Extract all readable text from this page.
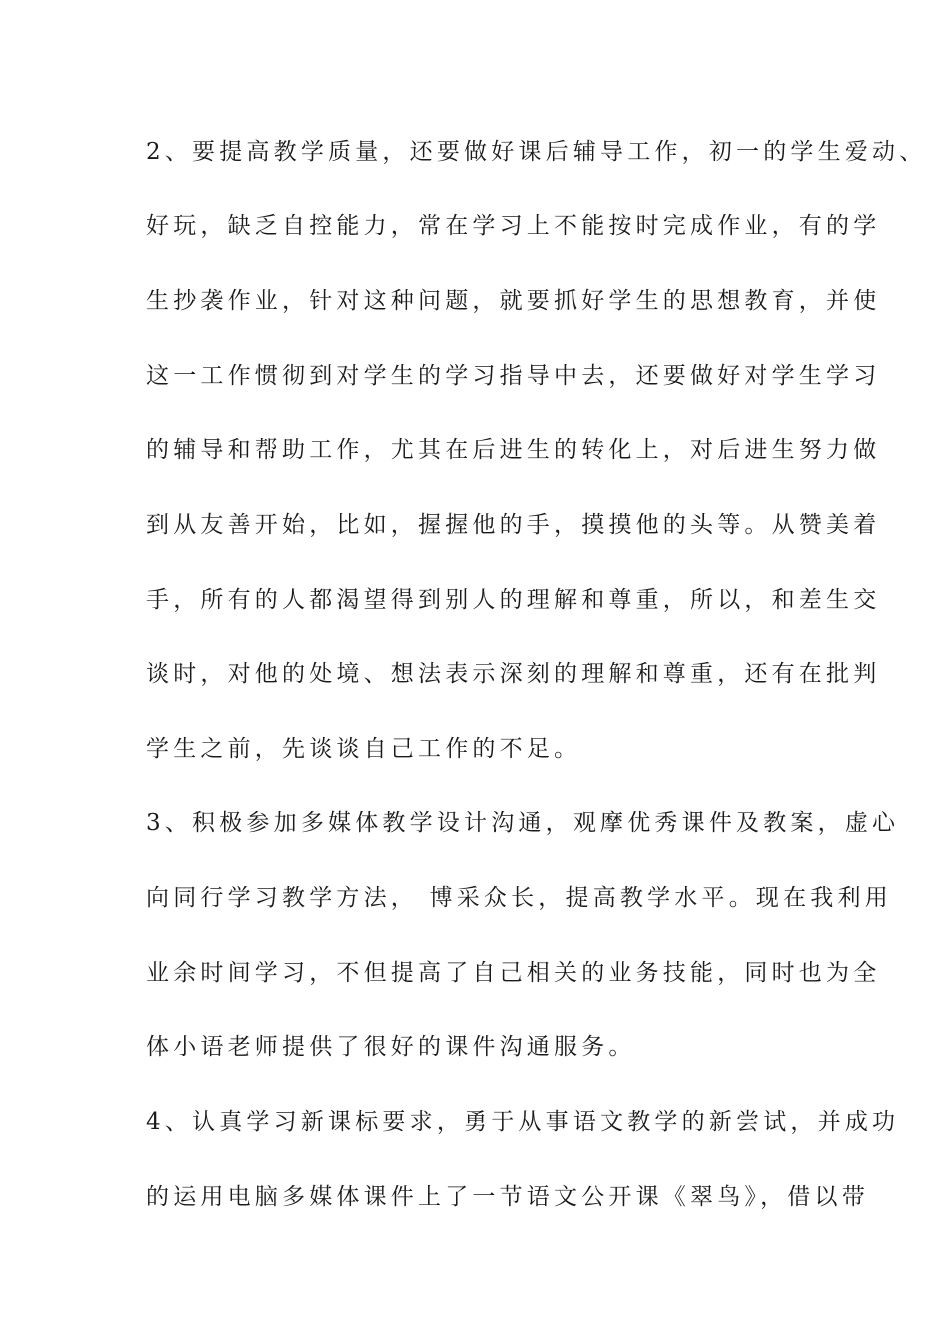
2、要提高教学质量，还要做好课后辅导工作，初一的学生爱动、
好玩，缺乏自控能力，常在学习上不能按时完成作业，有的学
生抄袭作业，针对这种问题，就要抓好学生的思想教育，并使
这一工作惯彻到对学生的学习指导中去，还要做好对学生学习
的辅导和帮助工作，尤其在后进生的转化上，对后进生努力做
到从友善开始，比如，握握他的手，摸摸他的头等。从赞美着
手，所有的人都渴望得到别人的理解和尊重，所以，和差生交
谈时，对他的处境、想法表示深刻的理解和尊重，还有在批判
学生之前，先谈谈自己工作的不足。
3、积极参加多媒体教学设计沟通，观摩优秀课件及教案，虚心
向同行学习教学方法， 博采众长，提高教学水平。现在我利用
业余时间学习，不但提高了自己相关的业务技能，同时也为全
体小语老师提供了很好的课件沟通服务。
4、认真学习新课标要求，勇于从事语文教学的新尝试，并成功
的运用电脑多媒体课件上了一节语文公开课《翠鸟》，借以带
